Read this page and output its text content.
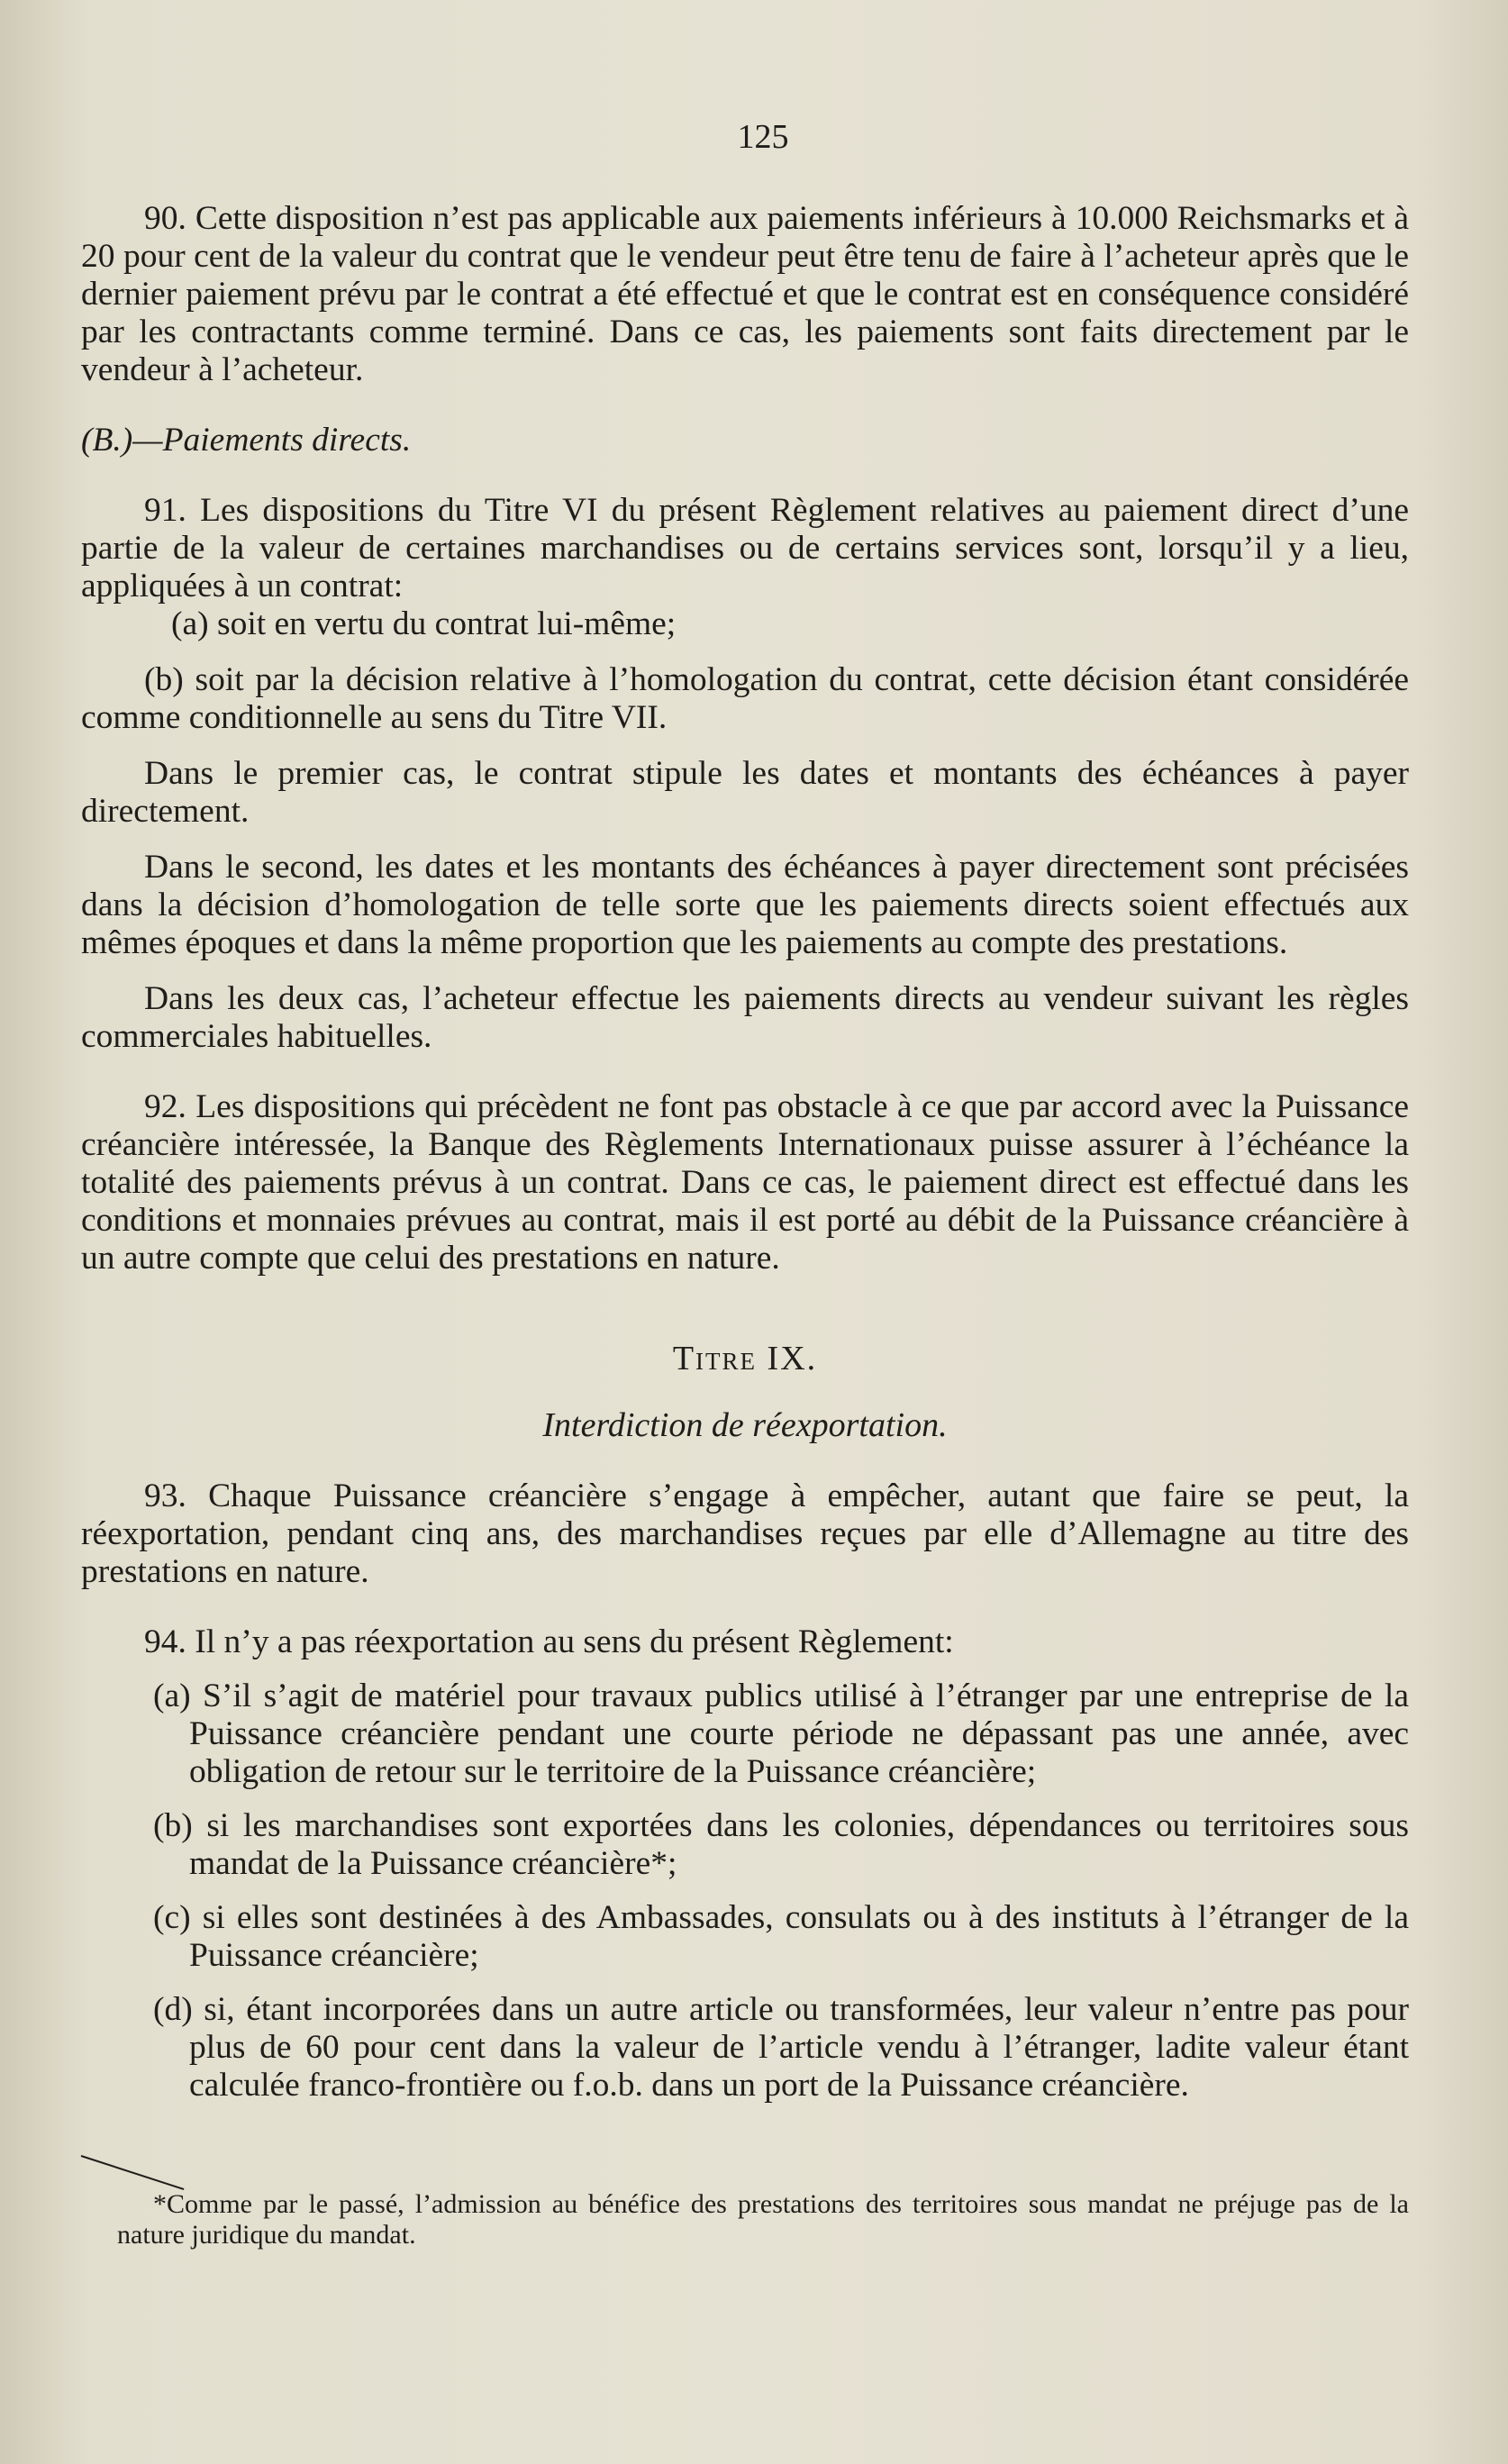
125

90. Cette disposition n’est pas applicable aux paiements inférieurs à 10.000 Reichsmarks et à 20 pour cent de la valeur du contrat que le vendeur peut être tenu de faire à l’acheteur après que le dernier paiement prévu par le contrat a été effectué et que le contrat est en conséquence considéré par les contractants comme terminé. Dans ce cas, les paiements sont faits directement par le vendeur à l’acheteur.

(B.)—Paiements directs.

91. Les dispositions du Titre VI du présent Règlement relatives au paiement direct d’une partie de la valeur de certaines marchandises ou de certains services sont, lorsqu’il y a lieu, appliquées à un contrat:

(a) soit en vertu du contrat lui-même;

(b) soit par la décision relative à l’homologation du contrat, cette décision étant considérée comme conditionnelle au sens du Titre VII.

Dans le premier cas, le contrat stipule les dates et montants des échéances à payer directement.

Dans le second, les dates et les montants des échéances à payer directement sont précisées dans la décision d’homologation de telle sorte que les paiements directs soient effectués aux mêmes époques et dans la même proportion que les paiements au compte des prestations.

Dans les deux cas, l’acheteur effectue les paiements directs au vendeur suivant les règles commerciales habituelles.

92. Les dispositions qui précèdent ne font pas obstacle à ce que par accord avec la Puissance créancière intéressée, la Banque des Règlements Internationaux puisse assurer à l’échéance la totalité des paiements prévus à un contrat. Dans ce cas, le paiement direct est effectué dans les conditions et monnaies prévues au contrat, mais il est porté au débit de la Puissance créancière à un autre compte que celui des prestations en nature.

Titre IX.
Interdiction de réexportation.

93. Chaque Puissance créancière s’engage à empêcher, autant que faire se peut, la réexportation, pendant cinq ans, des marchandises reçues par elle d’Allemagne au titre des prestations en nature.

94. Il n’y a pas réexportation au sens du présent Règlement:

(a) S’il s’agit de matériel pour travaux publics utilisé à l’étranger par une entreprise de la Puissance créancière pendant une courte période ne dépassant pas une année, avec obligation de retour sur le territoire de la Puissance créancière;

(b) si les marchandises sont exportées dans les colonies, dépendances ou territoires sous mandat de la Puissance créancière*;

(c) si elles sont destinées à des Ambassades, consulats ou à des instituts à l’étranger de la Puissance créancière;

(d) si, étant incorporées dans un autre article ou transformées, leur valeur n’entre pas pour plus de 60 pour cent dans la valeur de l’article vendu à l’étranger, ladite valeur étant calculée franco-frontière ou f.o.b. dans un port de la Puissance créancière.

*Comme par le passé, l’admission au bénéfice des prestations des territoires sous mandat ne préjuge pas de la nature juridique du mandat.
